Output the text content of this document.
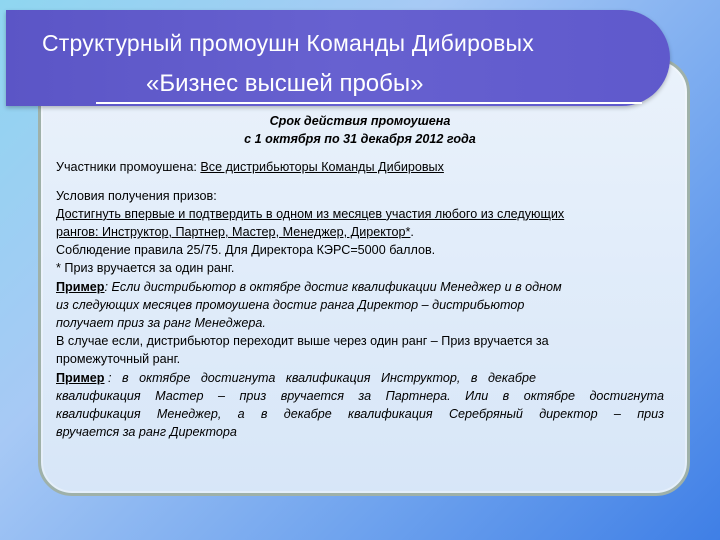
Структурный промоушн Команды Дибировых
«Бизнес высшей пробы»

Срок действия промоушена

с 1 октября по 31 декабря 2012 года

Участники промоушена: Все дистрибьюторы Команды Дибировых

Условия получения призов:

Достигнуть впервые и подтвердить в одном из месяцев участия любого из следующих

рангов: Инструктор, Партнер, Мастер, Менеджер, Директор*.

Соблюдение правила 25/75. Для Директора КЭРС=5000 баллов.

* Приз вручается за один ранг.

Пример: Если дистрибьютор в октябре достиг квалификации Менеджер и в одном

из следующих месяцев промоушена достиг ранга Директор – дистрибьютор

получает приз за ранг Менеджера.

В случае если, дистрибьютор переходит выше через один ранг – Приз вручается за

промежуточный ранг.

Пример :   в   октябре   достигнута   квалификация   Инструктор,   в   декабре

квалификация Мастер – приз вручается за Партнера. Или в октябре достигнута

квалификация Менеджер, а в декабре квалификация Серебряный директор – приз

вручается за ранг Директора
